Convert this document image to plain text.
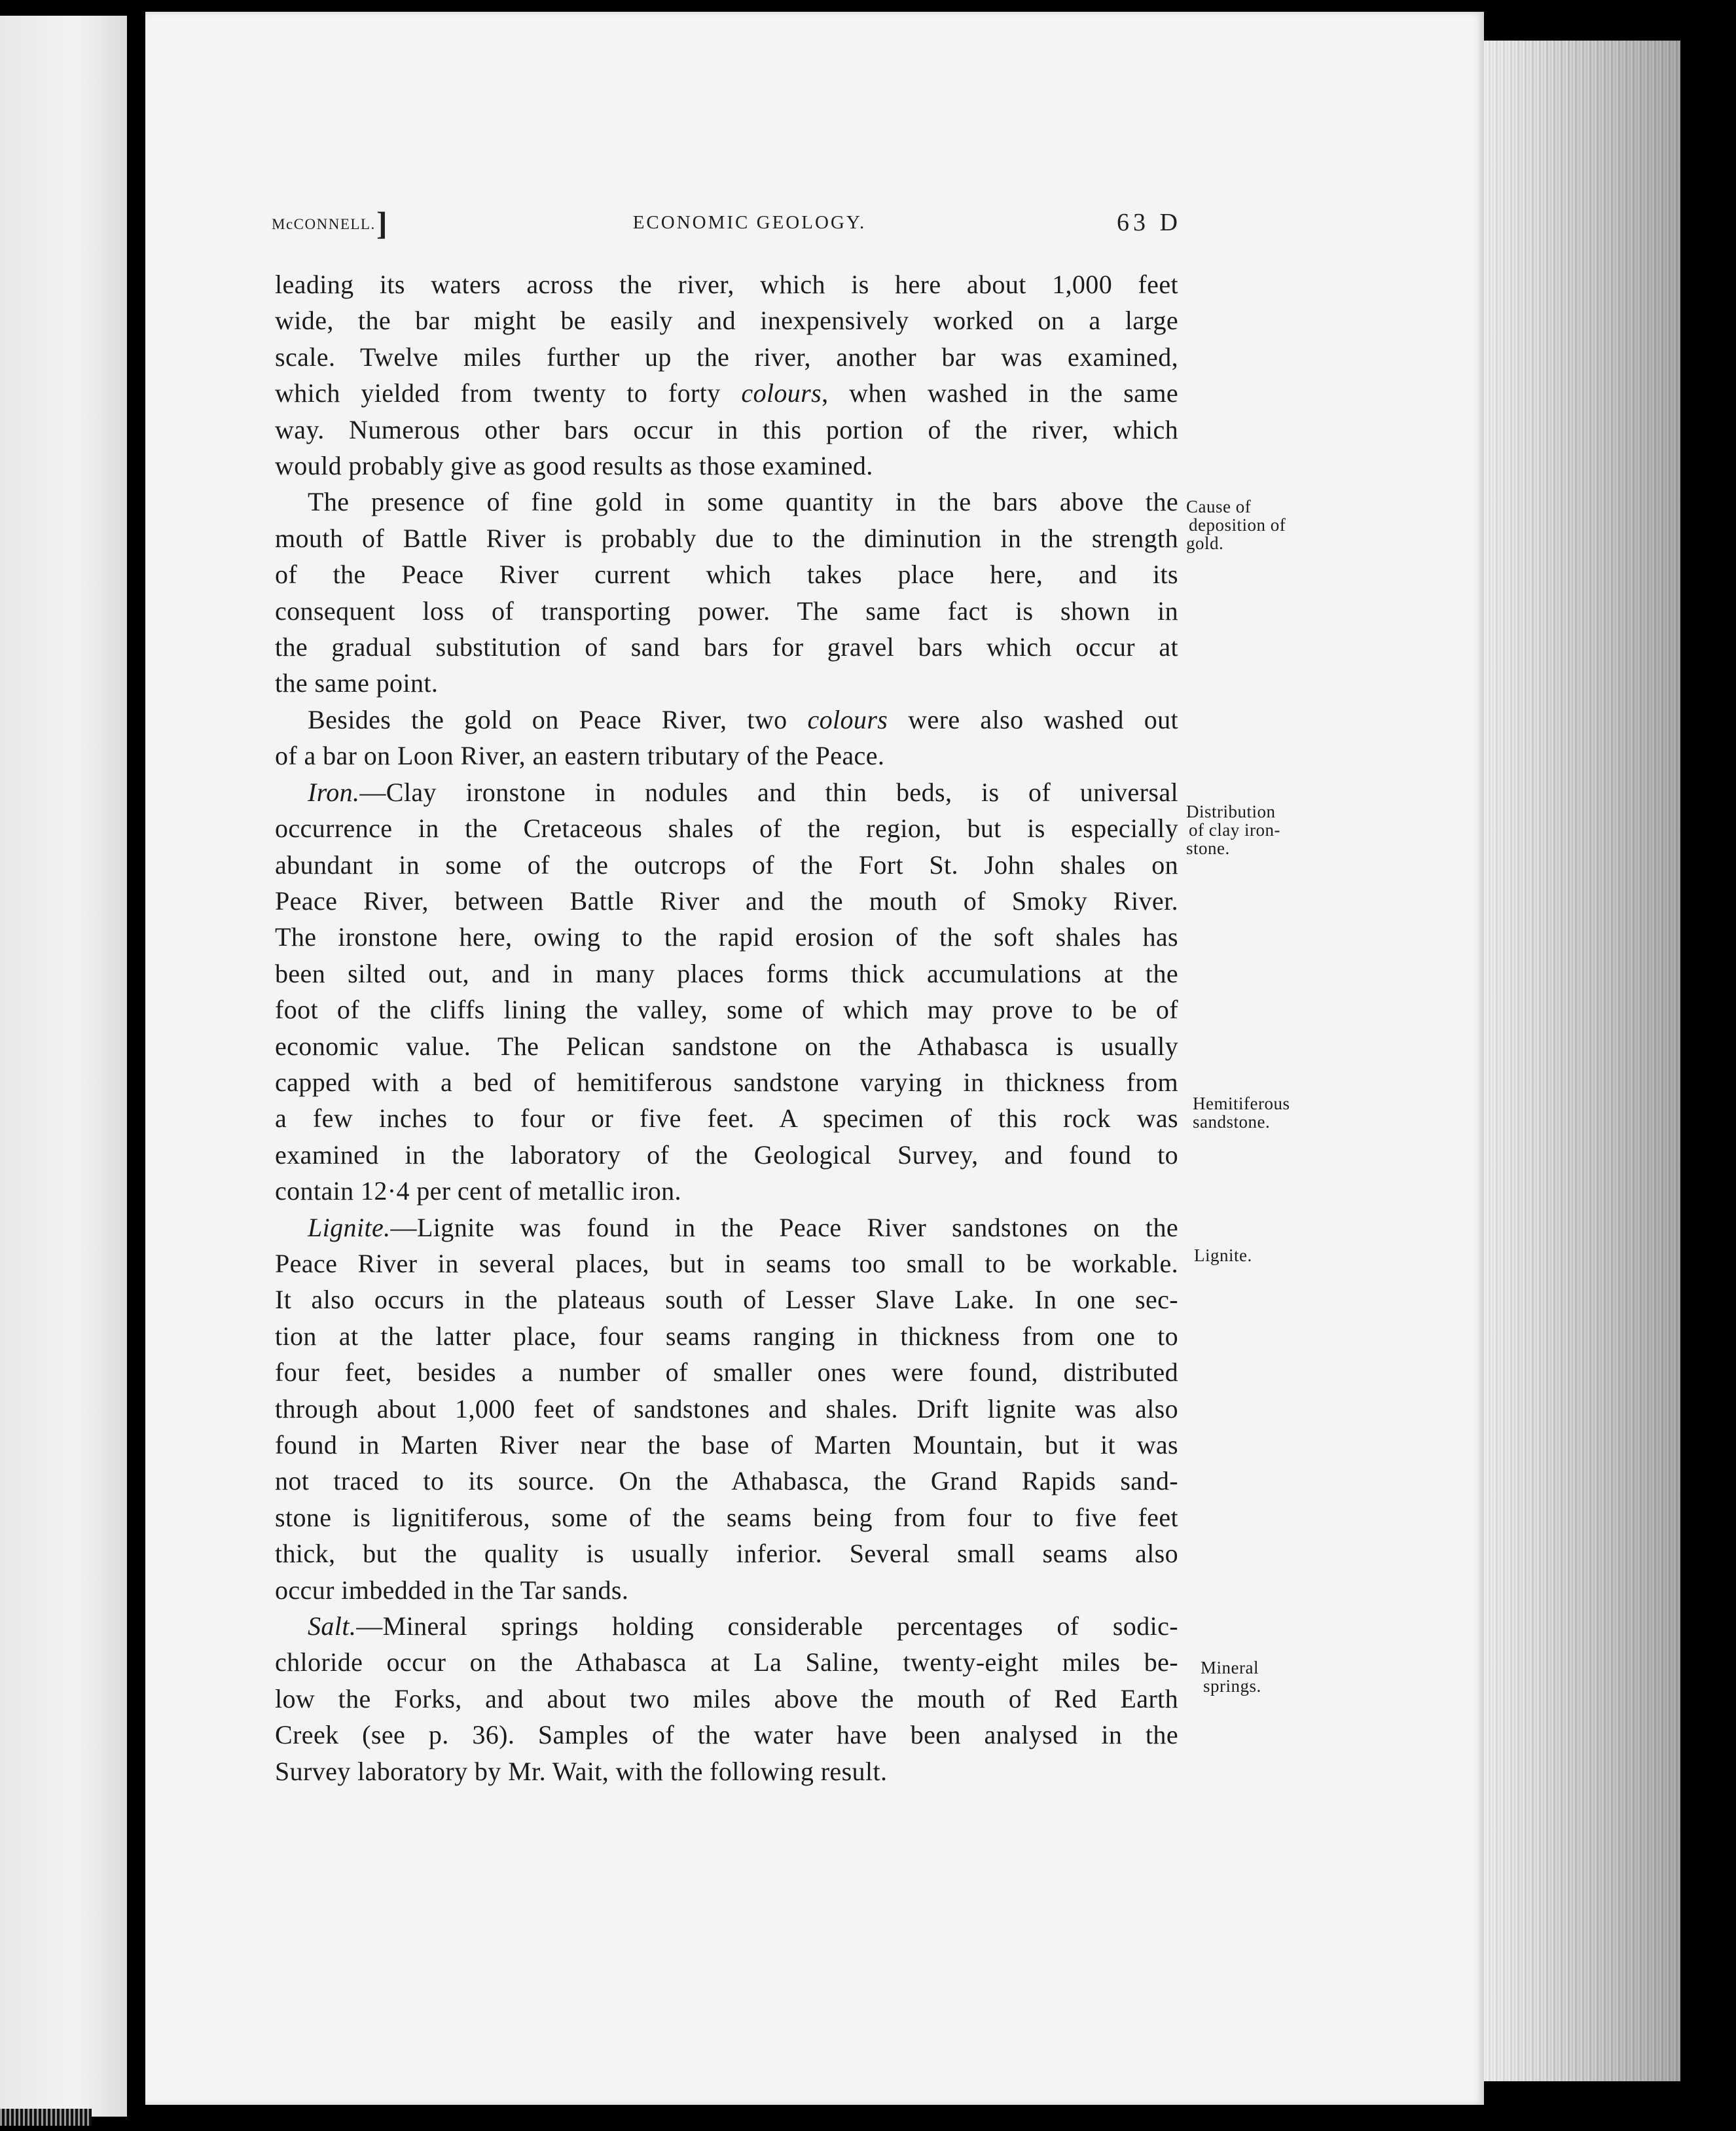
McCONNELL. ]	ECONOMIC GEOLOGY.	63 D

leading its waters across the river, which is here about 1,000 feet
wide, the bar might be easily and inexpensively worked on a large
scale. Twelve miles further up the river, another bar was examined,
which yielded from twenty to forty colours, when washed in the same
way. Numerous other bars occur in this portion of the river, which
would probably give as good results as those examined.

The presence of fine gold in some quantity in the bars above the
mouth of Battle River is probably due to the diminution in the strength
of the Peace River current which takes place here, and its
consequent loss of transporting power. The same fact is shown in
the gradual substitution of sand bars for gravel bars which occur at
the same point.

Besides the gold on Peace River, two colours were also washed out
of a bar on Loon River, an eastern tributary of the Peace.

Iron.—Clay ironstone in nodules and thin beds, is of universal
occurrence in the Cretaceous shales of the region, but is especially
abundant in some of the outcrops of the Fort St. John shales on
Peace River, between Battle River and the mouth of Smoky River.
The ironstone here, owing to the rapid erosion of the soft shales has
been silted out, and in many places forms thick accumulations at the
foot of the cliffs lining the valley, some of which may prove to be of
economic value. The Pelican sandstone on the Athabasca is usually
capped with a bed of hemitiferous sandstone varying in thickness from
a few inches to four or five feet. A specimen of this rock was
examined in the laboratory of the Geological Survey, and found to
contain 12·4 per cent of metallic iron.

Lignite.—Lignite was found in the Peace River sandstones on the
Peace River in several places, but in seams too small to be workable.
It also occurs in the plateaus south of Lesser Slave Lake. In one sec-
tion at the latter place, four seams ranging in thickness from one to
four feet, besides a number of smaller ones were found, distributed
through about 1,000 feet of sandstones and shales. Drift lignite was also
found in Marten River near the base of Marten Mountain, but it was
not traced to its source. On the Athabasca, the Grand Rapids sand-
stone is lignitiferous, some of the seams being from four to five feet
thick, but the quality is usually inferior. Several small seams also
occur imbedded in the Tar sands.

Salt.—Mineral springs holding considerable percentages of sodic-
chloride occur on the Athabasca at La Saline, twenty-eight miles be-
low the Forks, and about two miles above the mouth of Red Earth
Creek (see p. 36). Samples of the water have been analysed in the
Survey laboratory by Mr. Wait, with the following result.

Cause of
deposition of
gold.
Distribution
of clay iron-
stone.
Hemitiferous
sandstone.
Lignite.
Mineral
springs.
